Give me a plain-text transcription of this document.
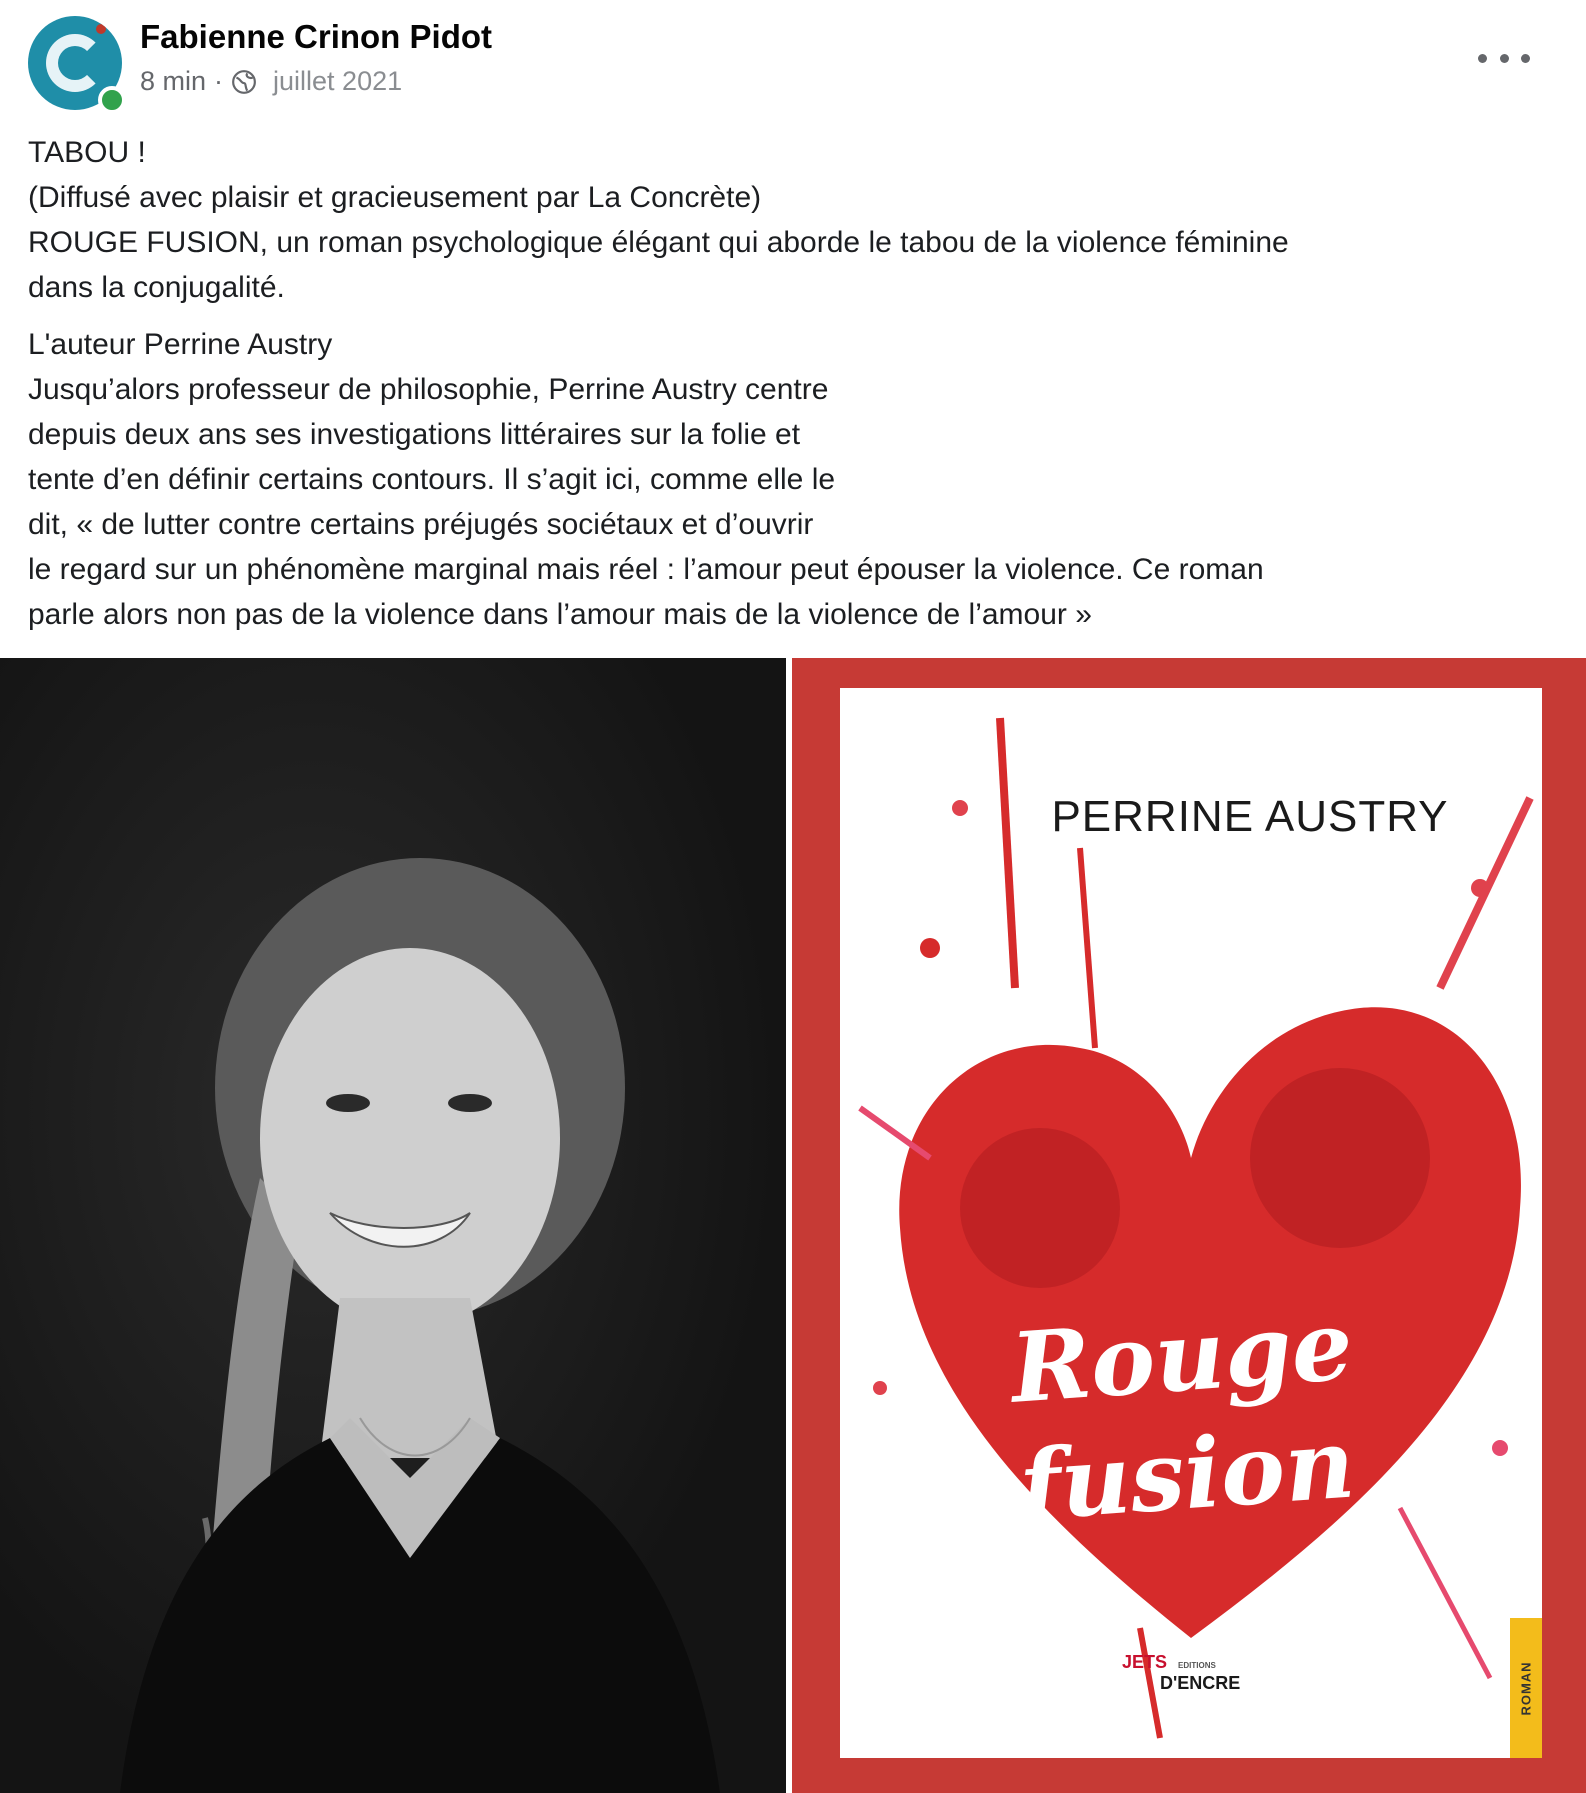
Fabienne Crinon Pidot
8 min · juillet 2021

TABOU !

(Diffusé avec plaisir et gracieusement par La Concrète)

ROUGE FUSION, un roman psychologique élégant qui aborde le tabou de la violence féminine

dans la conjugalité.

L'auteur Perrine Austry

Jusqu’alors professeur de philosophie, Perrine Austry centre

depuis deux ans ses investigations littéraires sur la folie et

tente d’en définir certains contours. Il s’agit ici, comme elle le

dit, « de lutter contre certains préjugés sociétaux et d’ouvrir

le regard sur un phénomène marginal mais réel : l’amour peut épouser la violence. Ce roman

parle alors non pas de la violence dans l’amour mais de la violence de l’amour »

PERRINE AUSTRY
Rouge
fusion
JETS EDITIONS
D'ENCRE	ROMAN
